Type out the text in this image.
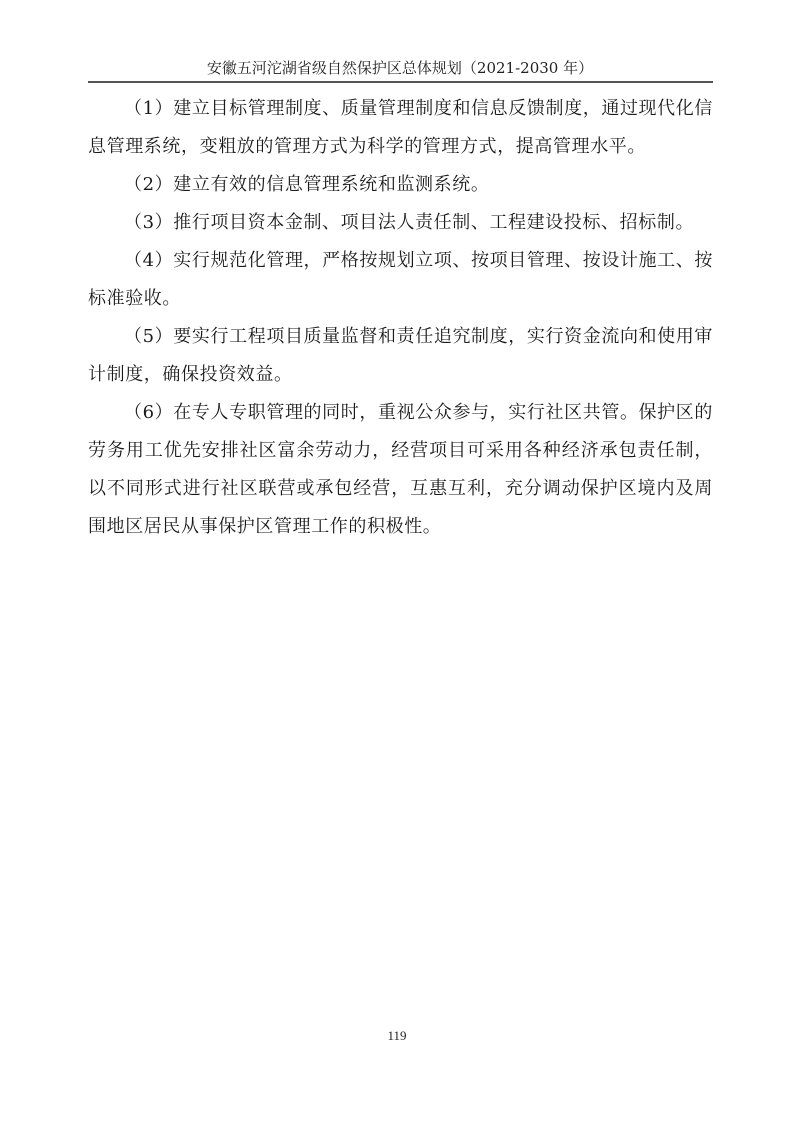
安徽五河沱湖省级自然保护区总体规划（2021-2030 年）

（1）建立目标管理制度、质量管理制度和信息反馈制度，通过现代化信息管理系统，变粗放的管理方式为科学的管理方式，提高管理水平。

（2）建立有效的信息管理系统和监测系统。

（3）推行项目资本金制、项目法人责任制、工程建设投标、招标制。

（4）实行规范化管理，严格按规划立项、按项目管理、按设计施工、按标准验收。

（5）要实行工程项目质量监督和责任追究制度，实行资金流向和使用审计制度，确保投资效益。

（6）在专人专职管理的同时，重视公众参与，实行社区共管。保护区的劳务用工优先安排社区富余劳动力，经营项目可采用各种经济承包责任制，以不同形式进行社区联营或承包经营，互惠互利，充分调动保护区境内及周围地区居民从事保护区管理工作的积极性。

119
